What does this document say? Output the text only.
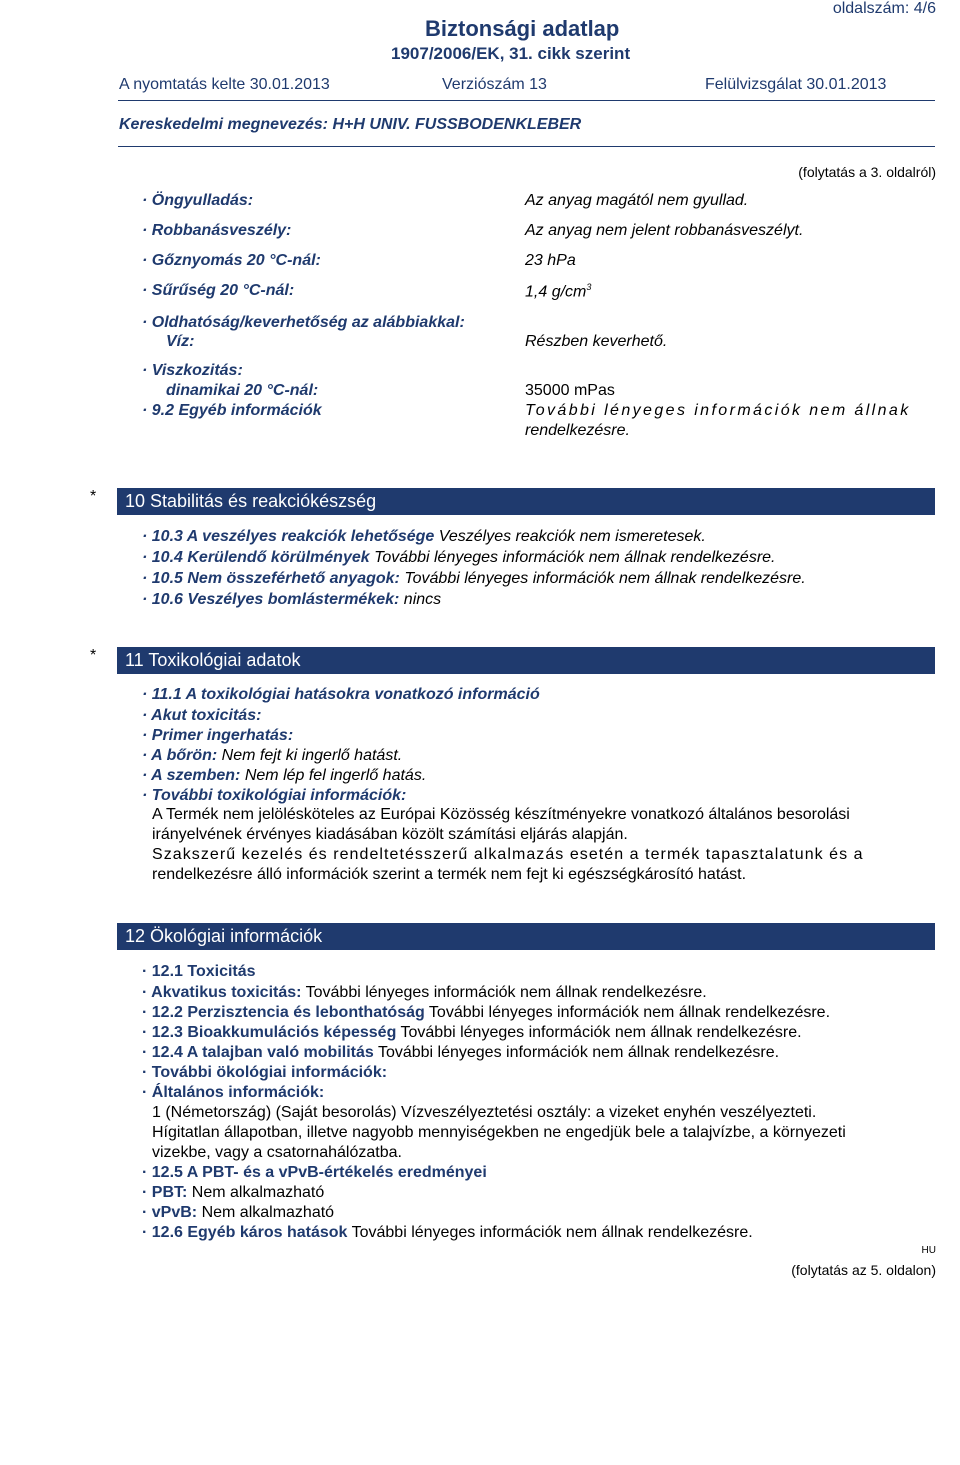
oldalszám: 4/6
Biztonsági adatlap
1907/2006/EK, 31. cikk szerint
A nyomtatás kelte 30.01.2013	Verziószám 13	Felülvizsgálat 30.01.2013
Kereskedelmi megnevezés: H+H UNIV. FUSSBODENKLEBER
(folytatás a 3. oldalról)
· Öngyulladás:	Az anyag magától nem gyullad.
· Robbanásveszély:	Az anyag nem jelent robbanásveszélyt.
· Gőznyomás 20 °C-nál:	23 hPa
· Sűrűség 20 °C-nál:	1,4 $g/cm^3$
· Oldhatóság/keverhetőség az alábbiakkal:
Víz:	Részben keverhető.
· Viszkozitás:
dinamikai 20 °C-nál:	35000 mPas
· 9.2 Egyéb információk	További lényeges információk nem állnak
rendelkezésre.
*	10 Stabilitás és reakciókészség
· 10.3 A veszélyes reakciók lehetősége Veszélyes reakciók nem ismeretesek.
· 10.4 Kerülendő körülmények További lényeges információk nem állnak rendelkezésre.
· 10.5 Nem összeférhető anyagok: További lényeges információk nem állnak rendelkezésre.
· 10.6 Veszélyes bomlástermékek: nincs
*	11 Toxikológiai adatok
· 11.1 A toxikológiai hatásokra vonatkozó információ
· Akut toxicitás:
· Primer ingerhatás:
· A bőrön: Nem fejt ki ingerlő hatást.
· A szemben: Nem lép fel ingerlő hatás.
· További toxikológiai információk:
A Termék nem jelölésköteles az Európai Közösség készítményekre vonatkozó általános besorolási
irányelvének érvényes kiadásában közölt számítási eljárás alapján.
Szakszerű kezelés és rendeltetésszerű alkalmazás esetén a termék tapasztalatunk és a
rendelkezésre álló információk szerint a termék nem fejt ki egészségkárosító hatást.
12 Ökológiai információk
· 12.1 Toxicitás
· Akvatikus toxicitás: További lényeges információk nem állnak rendelkezésre.
· 12.2 Perzisztencia és lebonthatóság További lényeges információk nem állnak rendelkezésre.
· 12.3 Bioakkumulációs képesség További lényeges információk nem állnak rendelkezésre.
· 12.4 A talajban való mobilitás További lényeges információk nem állnak rendelkezésre.
· További ökológiai információk:
· Általános információk:
1 (Németország) (Saját besorolás) Vízveszélyeztetési osztály: a vizeket enyhén veszélyezteti.
Hígitatlan állapotban, illetve nagyobb mennyiségekben ne engedjük bele a talajvízbe, a környezeti
vizekbe, vagy a csatornahálózatba.
· 12.5 A PBT- és a vPvB-értékelés eredményei
· PBT: Nem alkalmazható
· vPvB: Nem alkalmazható
· 12.6 Egyéb káros hatások További lényeges információk nem állnak rendelkezésre.
HU
(folytatás az 5. oldalon)
